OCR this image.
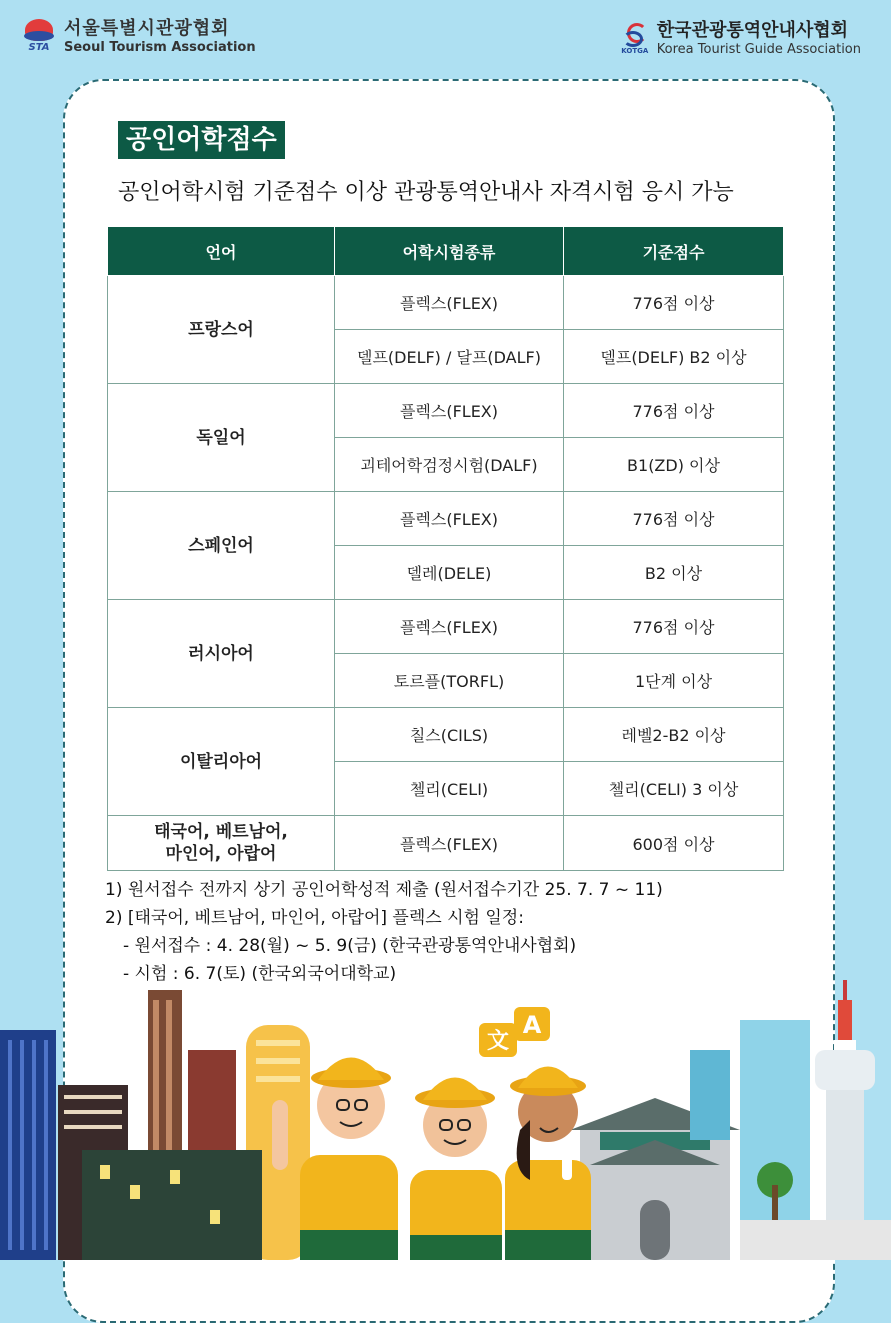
STA
서울특별시관광협회
Seoul Tourism Association	KOTGA
한국관광통역안내사협회
Korea Tourist Guide Association
공인어학점수
공인어학시험 기준점수 이상 관광통역안내사 자격시험 응시 가능
언어	어학시험종류	기준점수
프랑스어	플렉스(FLEX)	776점 이상
	델프(DELF) / 달프(DALF)	델프(DELF) B2 이상
독일어	플렉스(FLEX)	776점 이상
	괴테어학검정시험(DALF)	B1(ZD) 이상
스페인어	플렉스(FLEX)	776점 이상
	델레(DELE)	B2 이상
러시아어	플렉스(FLEX)	776점 이상
	토르플(TORFL)	1단계 이상
이탈리아어	칠스(CILS)	레벨2-B2 이상
	첼리(CELI)	첼리(CELI) 3 이상

태국어, 베트남어,
마인어, 아랍어	플렉스(FLEX)	600점 이상
1) 원서접수 전까지 상기 공인어학성적 제출 (원서접수기간 25. 7. 7 ~ 11)
2) [태국어, 베트남어, 마인어, 아랍어] 플렉스 시험 일정:
- 원서접수 : 4. 28(월) ~ 5. 9(금) (한국관광통역안내사협회)
- 시험 : 6. 7(토) (한국외국어대학교)
文
A
